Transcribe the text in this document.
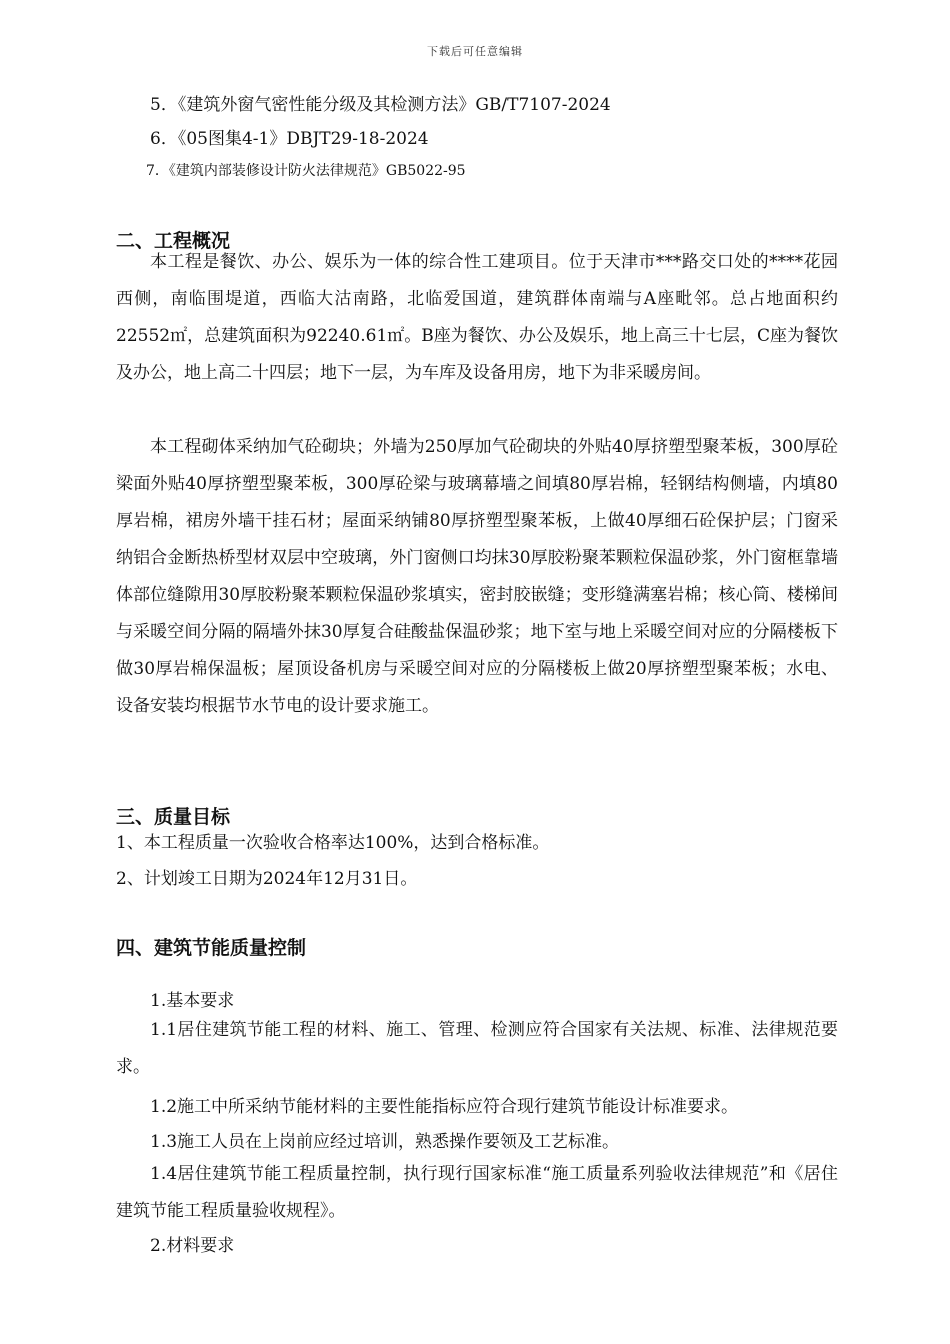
下载后可任意编辑
5．《建筑外窗气密性能分级及其检测方法》GB/T7107-2024
6．《05图集4-1》DBJT29-18-2024
7．《建筑内部装修设计防火法律规范》GB5022-95
二、工程概况
本工程是餐饮、办公、娱乐为一体的综合性工建项目。位于天津市***路交口处的****花园西侧，南临围堤道，西临大沽南路，北临爱国道，建筑群体南端与A座毗邻。总占地面积约22552㎡，总建筑面积为92240.61㎡。B座为餐饮、办公及娱乐，地上高三十七层，C座为餐饮及办公，地上高二十四层；地下一层，为车库及设备用房，地下为非采暖房间。
本工程砌体采纳加气砼砌块；外墙为250厚加气砼砌块的外贴40厚挤塑型聚苯板，300厚砼梁面外贴40厚挤塑型聚苯板，300厚砼梁与玻璃幕墙之间填80厚岩棉，轻钢结构侧墙，内填80厚岩棉，裙房外墙干挂石材；屋面采纳铺80厚挤塑型聚苯板，上做40厚细石砼保护层；门窗采纳铝合金断热桥型材双层中空玻璃，外门窗侧口均抹30厚胶粉聚苯颗粒保温砂浆，外门窗框靠墙体部位缝隙用30厚胶粉聚苯颗粒保温砂浆填实，密封胶嵌缝；变形缝满塞岩棉；核心筒、楼梯间与采暖空间分隔的隔墙外抹30厚复合硅酸盐保温砂浆；地下室与地上采暖空间对应的分隔楼板下做30厚岩棉保温板；屋顶设备机房与采暖空间对应的分隔楼板上做20厚挤塑型聚苯板；水电、设备安装均根据节水节电的设计要求施工。
三、质量目标
1、本工程质量一次验收合格率达100%，达到合格标准。
2、计划竣工日期为2024年12月31日。
四、建筑节能质量控制
1.基本要求
1.1居住建筑节能工程的材料、施工、管理、检测应符合国家有关法规、标准、法律规范要求。
1.2施工中所采纳节能材料的主要性能指标应符合现行建筑节能设计标准要求。
1.3施工人员在上岗前应经过培训，熟悉操作要领及工艺标准。
1.4居住建筑节能工程质量控制，执行现行国家标准“施工质量系列验收法律规范”和《居住建筑节能工程质量验收规程》。
2.材料要求
